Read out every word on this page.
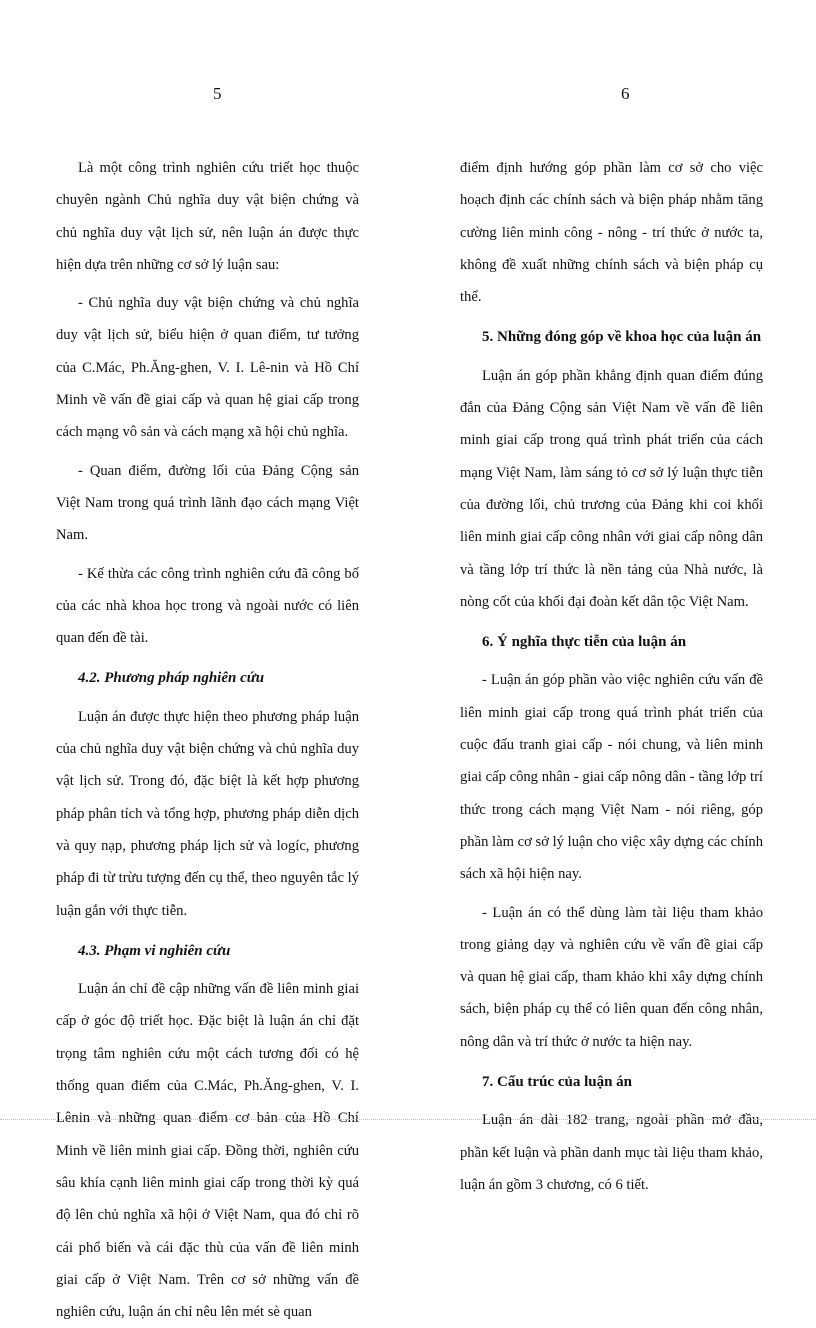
5	6

Là một công trình nghiên cứu triết học thuộc chuyên ngành Chủ nghĩa duy vật biện chứng và chủ nghĩa duy vật lịch sử, nên luận án được thực hiện dựa trên những cơ sở lý luận sau:

- Chủ nghĩa duy vật biện chứng và chủ nghĩa duy vật lịch sử, biểu hiện ở quan điểm, tư tưởng của C.Mác, Ph.Ăng-ghen, V. I. Lê-nin và Hồ Chí Minh về vấn đề giai cấp và quan hệ giai cấp trong cách mạng vô sản và cách mạng xã hội chủ nghĩa.

- Quan điểm, đường lối của Đảng Cộng sản Việt Nam trong quá trình lãnh đạo cách mạng Việt Nam.

- Kế thừa các công trình nghiên cứu đã công bố của các nhà khoa học trong và ngoài nước có liên quan đến đề tài.

4.2. Phương pháp nghiên cứu

Luận án được thực hiện theo phương pháp luận của chủ nghĩa duy vật biện chứng và chủ nghĩa duy vật lịch sử. Trong đó, đặc biệt là kết hợp phương pháp phân tích và tổng hợp, phương pháp diễn dịch và quy nạp, phương pháp lịch sử và logíc, phương pháp đi từ trừu tượng đến cụ thể, theo nguyên tắc lý luận gắn với thực tiễn.

4.3. Phạm vi nghiên cứu

Luận án chỉ đề cập những vấn đề liên minh giai cấp ở góc độ triết học. Đặc biệt là luận án chỉ đặt trọng tâm nghiên cứu một cách tương đối có hệ thống quan điểm của C.Mác, Ph.Ăng-ghen, V. I. Lênin và những quan điểm cơ bản của Hồ Chí Minh về liên minh giai cấp. Đồng thời, nghiên cứu sâu khía cạnh liên minh giai cấp trong thời kỳ quá độ lên chủ nghĩa xã hội ở Việt Nam, qua đó chỉ rõ cái phổ biến và cái đặc thù của vấn đề liên minh giai cấp ở Việt Nam. Trên cơ sở những vấn đề nghiên cứu, luận án chỉ nêu lên mét sè quan

điểm định hướng góp phần làm cơ sở cho việc hoạch định các chính sách và biện pháp nhằm tăng cường liên minh công - nông - trí thức ở nước ta, không đề xuất những chính sách và biện pháp cụ thể.

5. Những đóng góp về khoa học của luận án

Luận án góp phần khẳng định quan điểm đúng đắn của Đảng Cộng sản Việt Nam về vấn đề liên minh giai cấp trong quá trình phát triển của cách mạng Việt Nam, làm sáng tỏ cơ sở lý luận thực tiễn của đường lối, chủ trương của Đảng khi coi khối liên minh giai cấp công nhân với giai cấp nông dân và tầng lớp trí thức là nền tảng của Nhà nước, là nòng cốt của khối đại đoàn kết dân tộc Việt Nam.

6. Ý nghĩa thực tiễn của luận án

- Luận án góp phần vào việc nghiên cứu vấn đề liên minh giai cấp trong quá trình phát triển của cuộc đấu tranh giai cấp - nói chung, và liên minh giai cấp công nhân - giai cấp nông dân - tầng lớp trí thức trong cách mạng Việt Nam - nói riêng, góp phần làm cơ sở lý luận cho việc xây dựng các chính sách xã hội hiện nay.

- Luận án có thể dùng làm tài liệu tham khảo trong giảng dạy và nghiên cứu về vấn đề giai cấp và quan hệ giai cấp, tham khảo khi xây dựng chính sách, biện pháp cụ thể có liên quan đến công nhân, nông dân và trí thức ở nước ta hiện nay.

7. Cấu trúc của luận án

Luận án dài 182 trang, ngoài phần mở đầu, phần kết luận và phần danh mục tài liệu tham khảo, luận án gồm 3 chương, có 6 tiết.
